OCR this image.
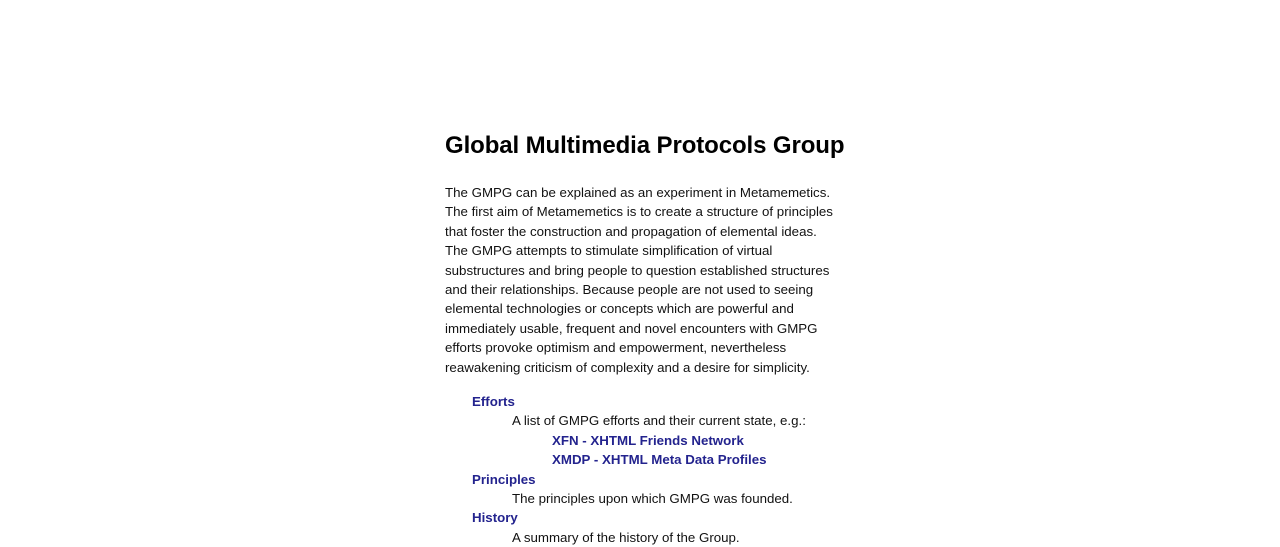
Global Multimedia Protocols Group

The GMPG can be explained as an experiment in Metamemetics. The first aim of Metamemetics is to create a structure of principles that foster the construction and propagation of elemental ideas. The GMPG attempts to stimulate simplification of virtual substructures and bring people to question established structures and their relationships. Because people are not used to seeing elemental technologies or concepts which are powerful and immediately usable, frequent and novel encounters with GMPG efforts provoke optimism and empowerment, nevertheless reawakening criticism of complexity and a desire for simplicity.

Efforts
A list of GMPG efforts and their current state, e.g.:
XFN - XHTML Friends Network
XMDP - XHTML Meta Data Profiles
Principles
The principles upon which GMPG was founded.
History
A summary of the history of the Group.
